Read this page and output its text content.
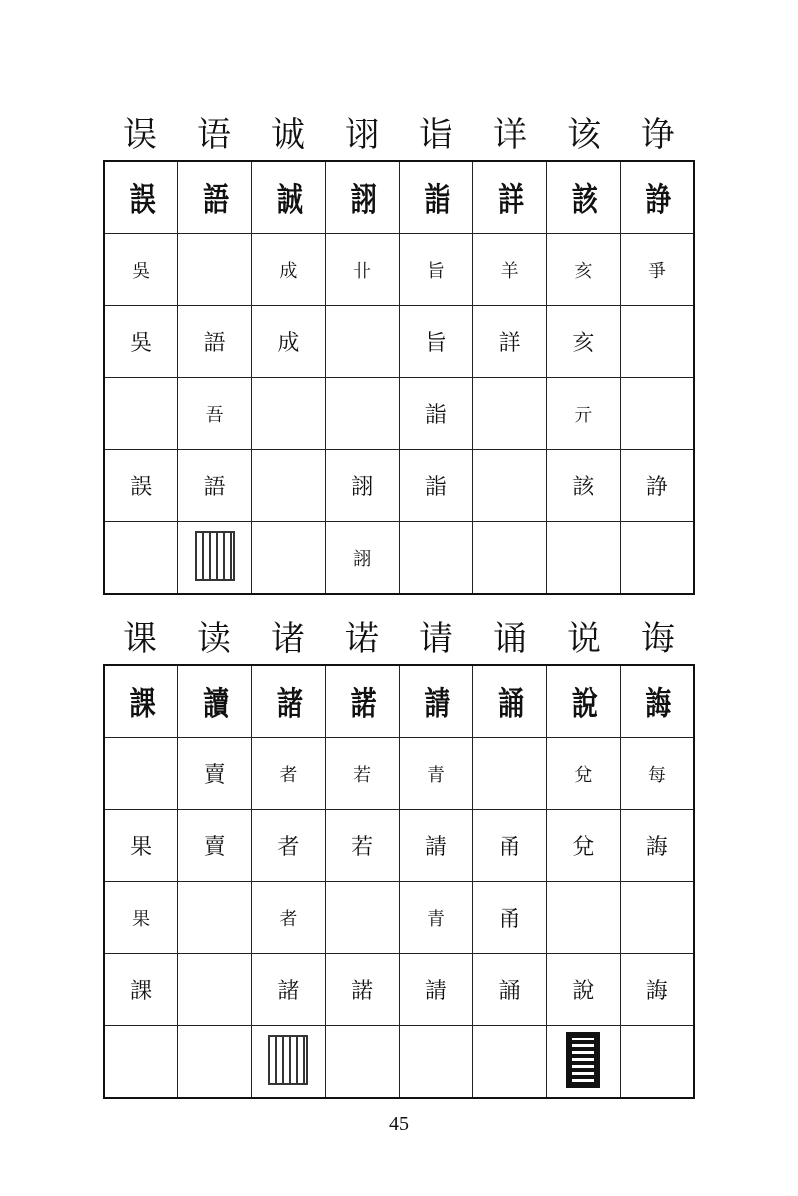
误	语	诚	诩	诣	详	该	诤
誤	語	誠	詡	詣	詳	該	諍
吳		成	卝	旨	羊	亥	爭
吳	語	成		旨	詳	亥	
	吾			詣		亓	
誤	語		詡	詣		該	諍
			詡				
课	读	诸	诺	请	诵	说	诲
課	讀	諸	諾	請	誦	說	誨
	賣	者	若	青		兌	每
果	賣	者	若	請	甬	兌	誨
果		者		青	甬		
課		諸	諾	請	誦	說	誨

45
